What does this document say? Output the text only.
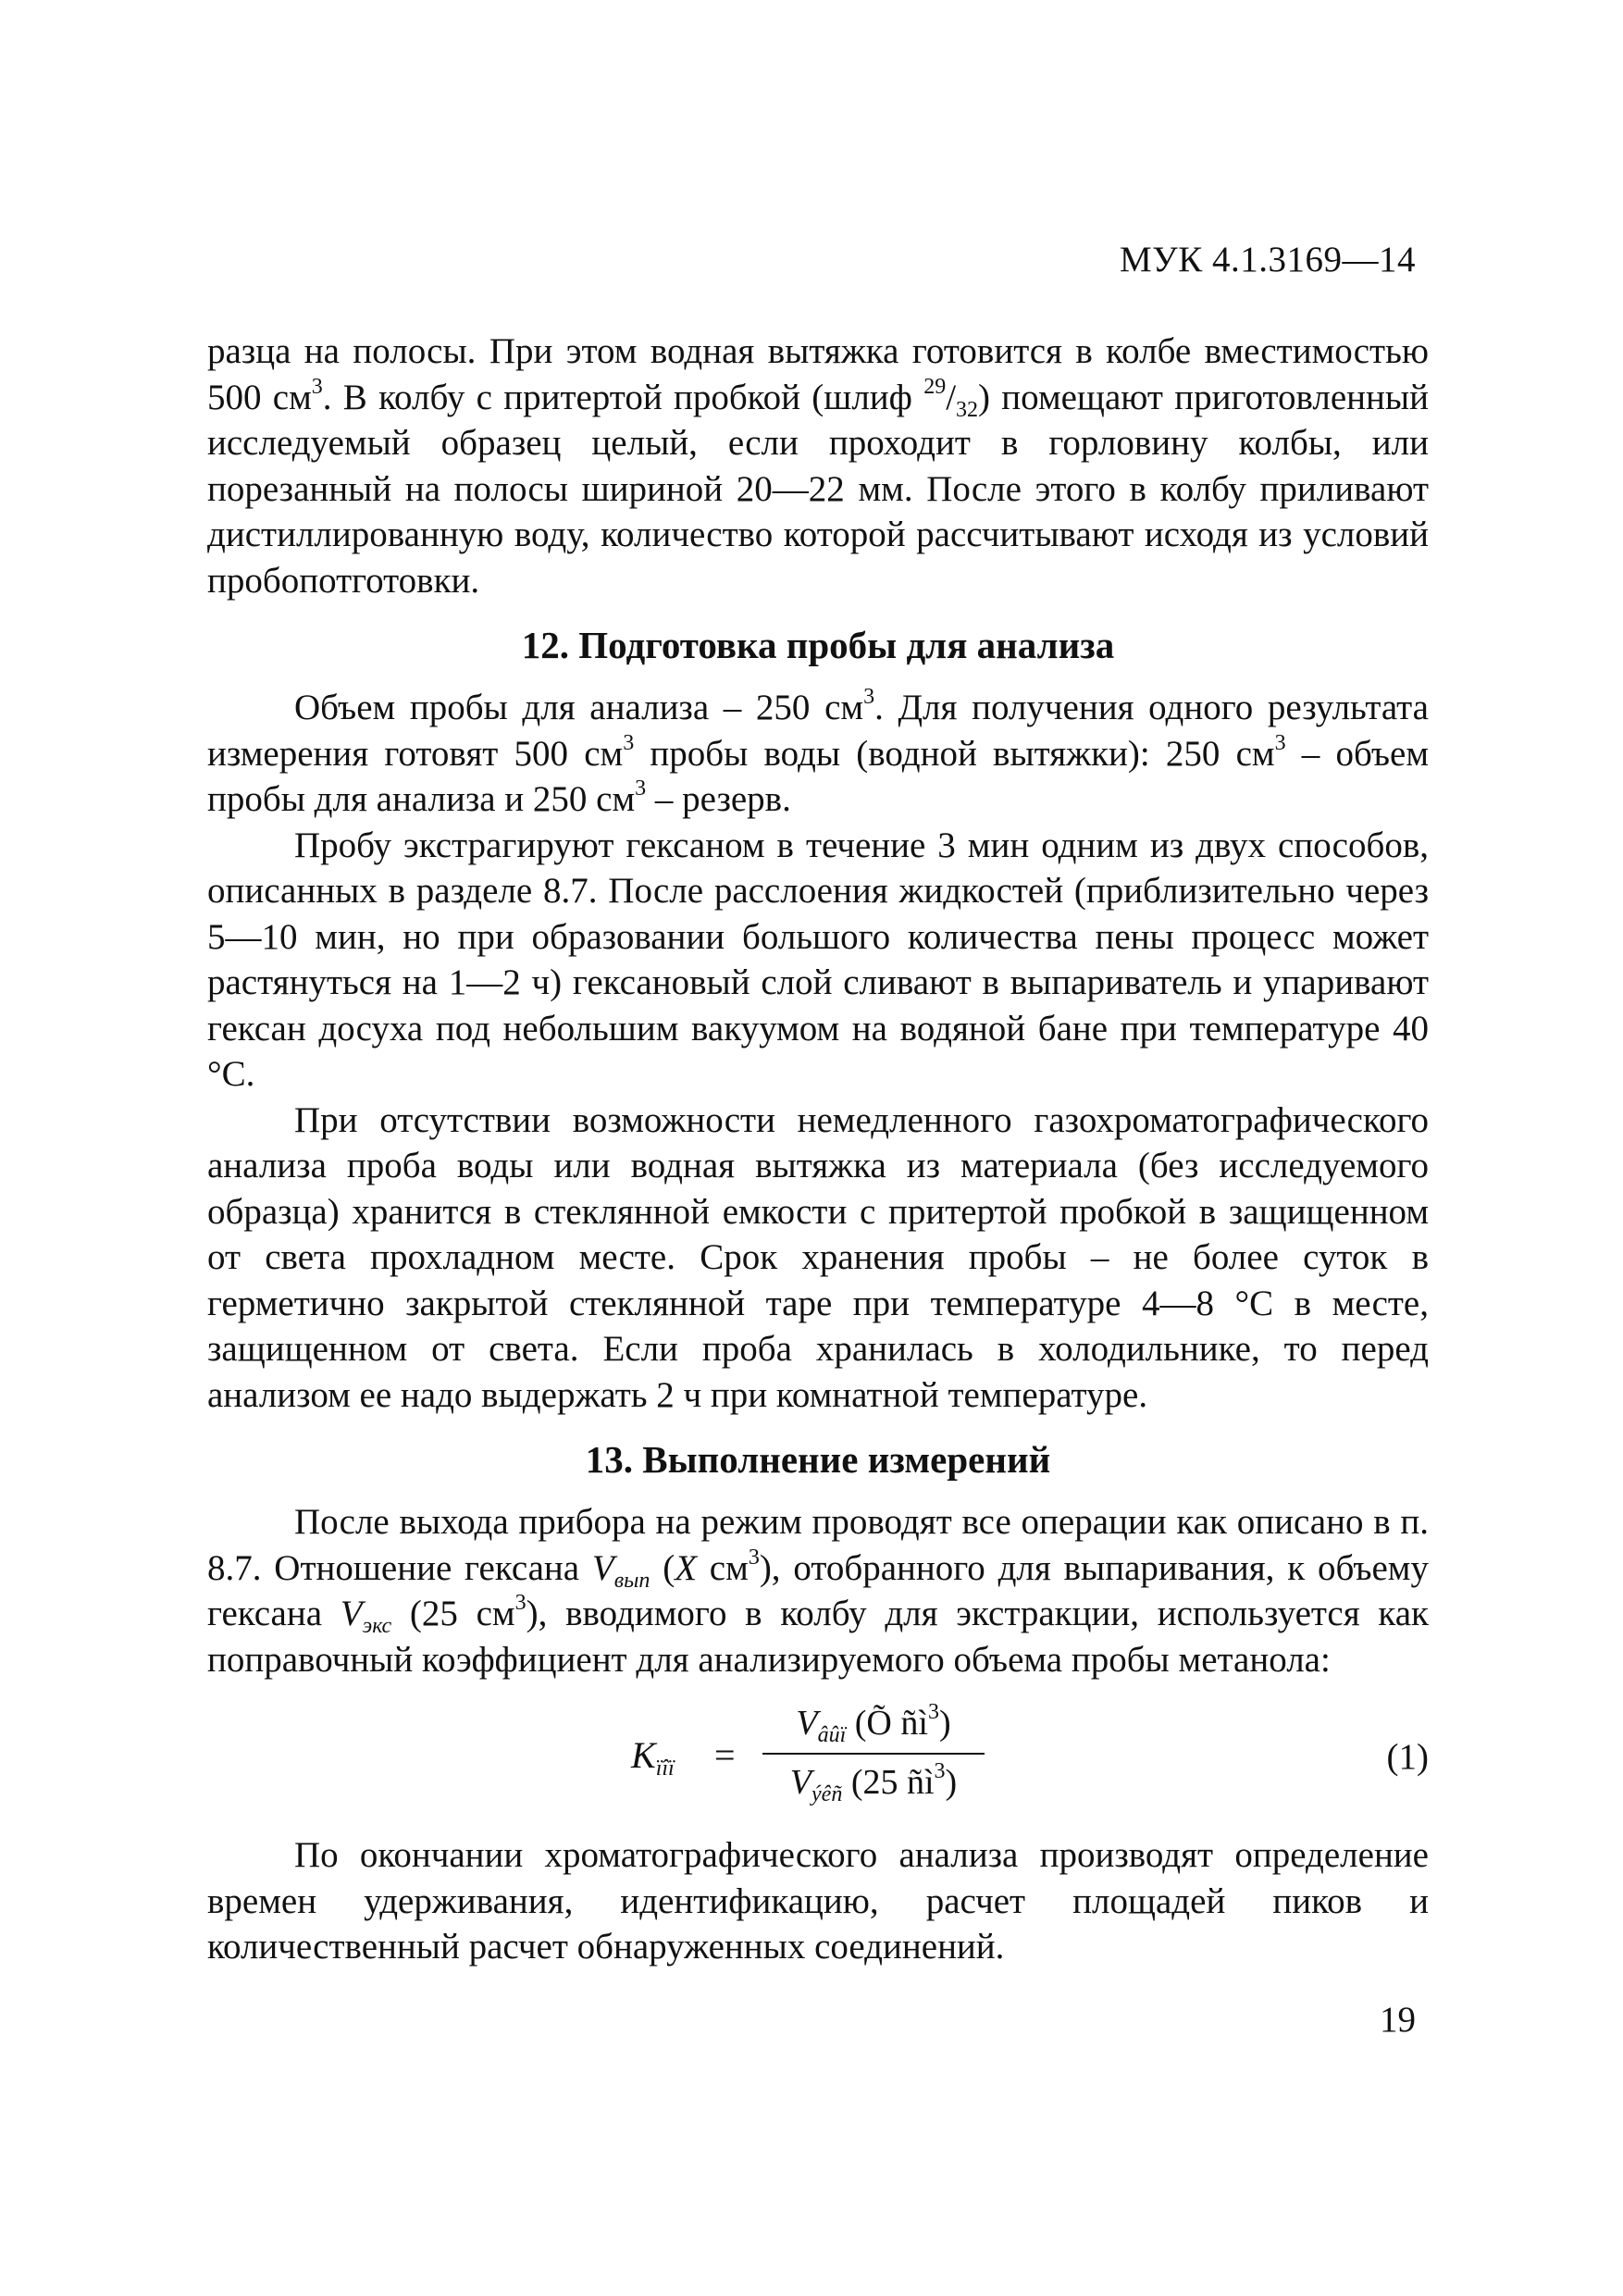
МУК 4.1.3169—14

разца на полосы. При этом водная вытяжка готовится в колбе вместимостью 500 $см^3$. В колбу с притертой пробкой (шлиф $^{29}/_{32}$) помещают приготовленный исследуемый образец целый, если проходит в горловину колбы, или порезанный на полосы шириной 20—22 мм. После этого в колбу приливают дистиллированную воду, количество которой рассчитывают исходя из условий пробопотготовки.

12. Подготовка пробы для анализа

Объем пробы для анализа – 250 $см^3$. Для получения одного результата измерения готовят 500 $см^3$ пробы воды (водной вытяжки): 250 $см^3$ – объем пробы для анализа и 250 $см^3$ – резерв.

Пробу экстрагируют гексаном в течение 3 мин одним из двух способов, описанных в разделе 8.7. После расслоения жидкостей (приблизительно через 5—10 мин, но при образовании большого количества пены процесс может растянуться на 1—2 ч) гексановый слой сливают в выпариватель и упаривают гексан досуха под небольшим вакуумом на водяной бане при температуре 40 °С.

При отсутствии возможности немедленного газохроматографического анализа проба воды или водная вытяжка из материала (без исследуемого образца) хранится в стеклянной емкости с притертой пробкой в защищенном от света прохладном месте. Срок хранения пробы – не более суток в герметично закрытой стеклянной таре при температуре 4—8 °С в месте, защищенном от света. Если проба хранилась в холодильнике, то перед анализом ее надо выдержать 2 ч при комнатной температуре.

13. Выполнение измерений

После выхода прибора на режим проводят все операции как описано в п. 8.7. Отношение гексана $V_{вып}$ (X $см^3$), отобранного для выпаривания, к объему гексана $V_{экс}$ (25 $см^3$), вводимого в колбу для экстракции, используется как поправочный коэффициент для анализируемого объема пробы метанола:

$K_{ïîï}$ =
$V_{âûï}$ (Õ $ñì^3$)
$V_{ýêñ}$ (25 $ñì^3$)
(1)

По окончании хроматографического анализа производят определение времен удерживания, идентификацию, расчет площадей пиков и количественный расчет обнаруженных соединений.

19
